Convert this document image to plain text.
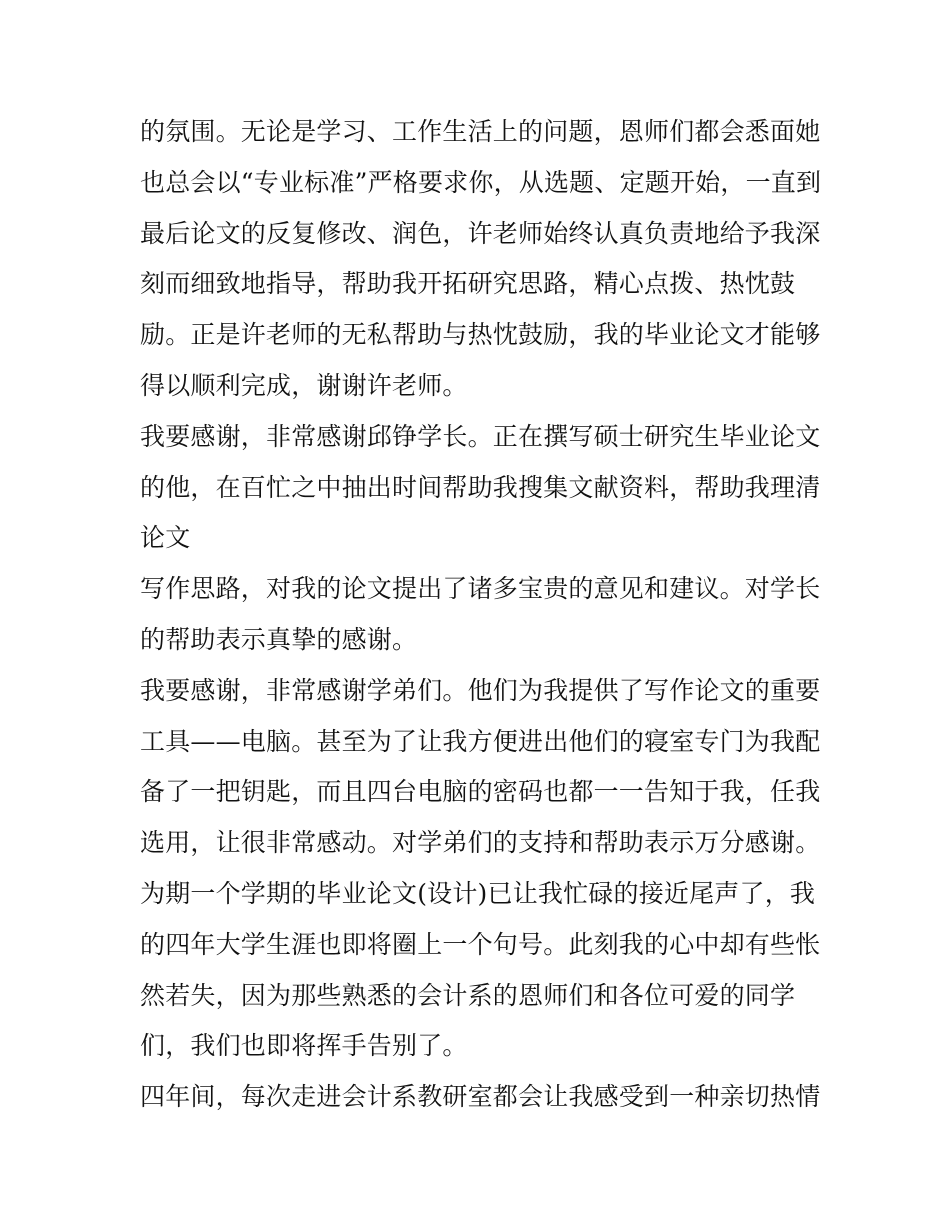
的氛围。无论是学习、工作生活上的问题，恩师们都会悉面她
也总会以“专业标准”严格要求你，从选题、定题开始，一直到
最后论文的反复修改、润色，许老师始终认真负责地给予我深
刻而细致地指导，帮助我开拓研究思路，精心点拨、热忱鼓
励。正是许老师的无私帮助与热忱鼓励，我的毕业论文才能够
得以顺利完成，谢谢许老师。
我要感谢，非常感谢邱铮学长。正在撰写硕士研究生毕业论文
的他，在百忙之中抽出时间帮助我搜集文献资料，帮助我理清
论文
写作思路，对我的论文提出了诸多宝贵的意见和建议。对学长
的帮助表示真挚的感谢。
我要感谢，非常感谢学弟们。他们为我提供了写作论文的重要
工具——电脑。甚至为了让我方便进出他们的寝室专门为我配
备了一把钥匙，而且四台电脑的密码也都一一告知于我，任我
选用，让很非常感动。对学弟们的支持和帮助表示万分感谢。
为期一个学期的毕业论文(设计)已让我忙碌的接近尾声了，我
的四年大学生涯也即将圈上一个句号。此刻我的心中却有些怅
然若失，因为那些熟悉的会计系的恩师们和各位可爱的同学
们，我们也即将挥手告别了。
四年间，每次走进会计系教研室都会让我感受到一种亲切热情
